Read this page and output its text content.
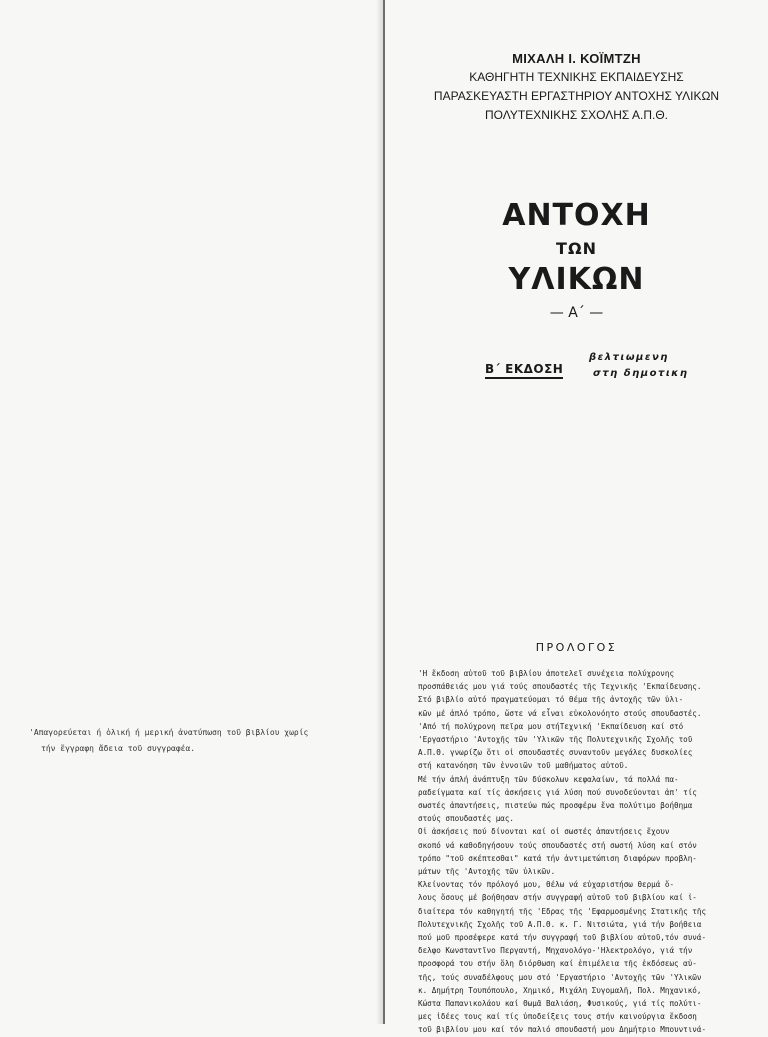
'Απαγορεύεται ή ὁλική ή μερική ἀνατύπωση τοῦ βιβλίου χωρίς
τήν ἔγγραφη ἄδεια τοῦ συγγραφέα.
ΜΙΧΑΛΗ Ι. ΚΟΪΜΤΖΗ
ΚΑΘΗΓΗΤΗ ΤΕΧΝΙΚΗΣ ΕΚΠΑΙΔΕΥΣΗΣ
ΠΑΡΑΣΚΕΥΑΣΤΗ ΕΡΓΑΣΤΗΡΙΟΥ ΑΝΤΟΧΗΣ ΥΛΙΚΩΝ
ΠΟΛΥΤΕΧΝΙΚΗΣ ΣΧΟΛΗΣ Α.Π.Θ.
ΑΝΤΟΧΗ
ΤΩΝ
ΥΛΙΚΩΝ
— Α΄ —
Β΄ ΕΚΔΟΣΗ
βελτιωμενη
στη δημοτικη
ΠΡΟΛΟΓΟΣ
'Η ἔκδοση αὐτοῦ τοῦ βιβλίου ἀποτελεῖ συνέχεια πολύχρονης
προσπάθειάς μου γιά τούς σπουδαστές τῆς Τεχνικῆς 'Εκπαίδευσης.
Στό βιβλίο αὐτό πραγματεύομαι τό θέμα τῆς ἀντοχῆς τῶν ὑλι-
κῶν μέ ἁπλό τρόπο, ὥστε νά εἶναι εὐκολονόητο στούς σπουδαστές.
'Από τή πολύχρονη πεῖρα μου στήΤεχνική 'Εκπαίδευση καί στό
'Εργαστήριο 'Αντοχῆς τῶν 'Υλικῶν τῆς Πολυτεχνικῆς Σχολῆς τοῦ
Α.Π.Θ. γνωρίζω ὅτι οἱ σπουδαστές συναντοῦν μεγάλες δυσκολίες
στή κατανόηση τῶν ἐννοιῶν τοῦ μαθήματος αὐτοῦ.
Μέ τήν ἁπλή ἀνάπτυξη τῶν δύσκολων κεφαλαίων, τά πολλά πα-
ραδείγματα καί τίς ἀσκήσεις γιά λύση πού συνοδεύονται ἀπ' τίς
σωστές ἀπαντήσεις, πιστεύω πώς προσφέρω ἕνα πολύτιμο βοήθημα
στούς σπουδαστές μας.
Οἱ ἀσκήσεις πού δίνονται καί οἱ σωστές ἀπαντήσεις ἔχουν
σκοπό νά καθοδηγήσουν τούς σπουδαστές στή σωστή λύση καί στόν
τρόπο "τοῦ σκέπτεσθαι" κατά τήν ἀντιμετώπιση διαφόρων προβλη-
μάτων τῆς 'Αντοχῆς τῶν ὑλικῶν.
Κλείνοντας τόν πρόλογό μου, θέλω νά εὐχαριστήσω θερμά ὅ-
λους ὅσους μέ βοήθησαν στήν συγγραφή αὐτοῦ τοῦ βιβλίου καί ἰ-
διαίτερα τόν καθηγητή τῆς 'Εδρας τῆς 'Εφαρμοσμένης Στατικῆς τῆς
Πολυτεχνικῆς Σχολῆς τοῦ Α.Π.Θ. κ. Γ. Νιτσιώτα, γιά τήν βοήθεια
πού μοῦ προσέφερε κατά τήν συγγραφή τοῦ βιβλίου αὐτοῦ,τόν συνά-
δελφο Κωνσταντῖνο Περγαντή, Μηχανολόγο-'Ηλεκτρολόγο, γιά τήν
προσφορά του στήν ὅλη διόρθωση καί ἐπιμέλεια τῆς ἐκδόσεως αὐ-
τῆς, τούς συναδέλφους μου στό 'Εργαστήριο 'Αντοχῆς τῶν 'Υλικῶν
κ. Δημήτρη Τουπόπουλο, Χημικό, Μιχάλη Συγομαλῆ, Πολ. Μηχανικό,
Κώστα Παπανικολάου καί Θωμᾶ Βαλιάση, Φυσικούς, γιά τίς πολύτι-
μες ἰδέες τους καί τίς ὑποδείξεις τους στήν καινούργια ἔκδοση
τοῦ βιβλίου μου καί τόν παλιό σπουδαστή μου Δημήτριο Μπουντινά-
